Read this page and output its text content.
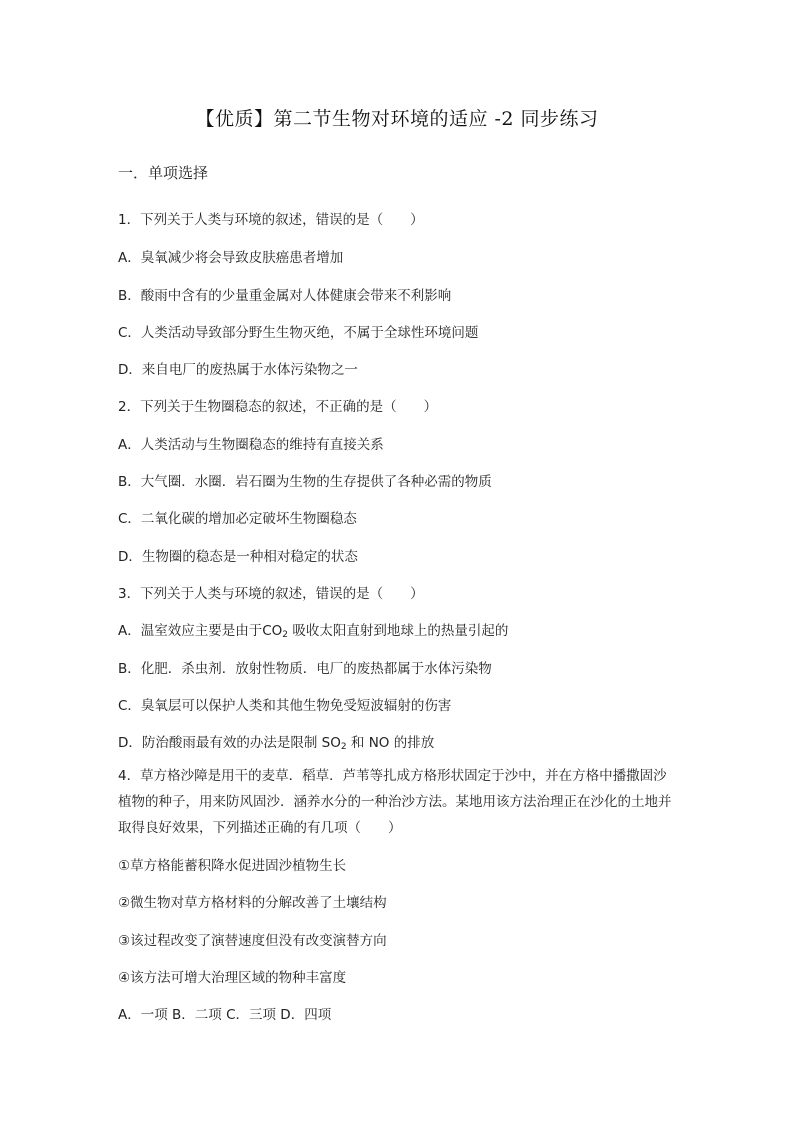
【优质】第二节生物对环境的适应 -2 同步练习
一．单项选择
1．下列关于人类与环境的叙述，错误的是（　　）
A．臭氧减少将会导致皮肤癌患者增加
B．酸雨中含有的少量重金属对人体健康会带来不利影响
C．人类活动导致部分野生生物灭绝，不属于全球性环境问题
D．来自电厂的废热属于水体污染物之一
2．下列关于生物圈稳态的叙述，不正确的是（　　）
A．人类活动与生物圈稳态的维持有直接关系
B．大气圈．水圈．岩石圈为生物的生存提供了各种必需的物质
C．二氧化碳的增加必定破坏生物圈稳态
D．生物圈的稳态是一种相对稳定的状态
3．下列关于人类与环境的叙述，错误的是（　　）
A．温室效应主要是由于$CO_2$ 吸收太阳直射到地球上的热量引起的
B．化肥．杀虫剂．放射性物质．电厂的废热都属于水体污染物
C．臭氧层可以保护人类和其他生物免受短波辐射的伤害
D．防治酸雨最有效的办法是限制 $SO_2$ 和 NO 的排放
4．草方格沙障是用干的麦草．稻草．芦苇等扎成方格形状固定于沙中，并在方格中播撒固沙植物的种子，用来防风固沙．涵养水分的一种治沙方法。某地用该方法治理正在沙化的土地并取得良好效果，下列描述正确的有几项（　　）
①草方格能蓄积降水促进固沙植物生长
②微生物对草方格材料的分解改善了土壤结构
③该过程改变了演替速度但没有改变演替方向
④该方法可增大治理区域的物种丰富度
A．一项 B．二项 C．三项 D．四项
